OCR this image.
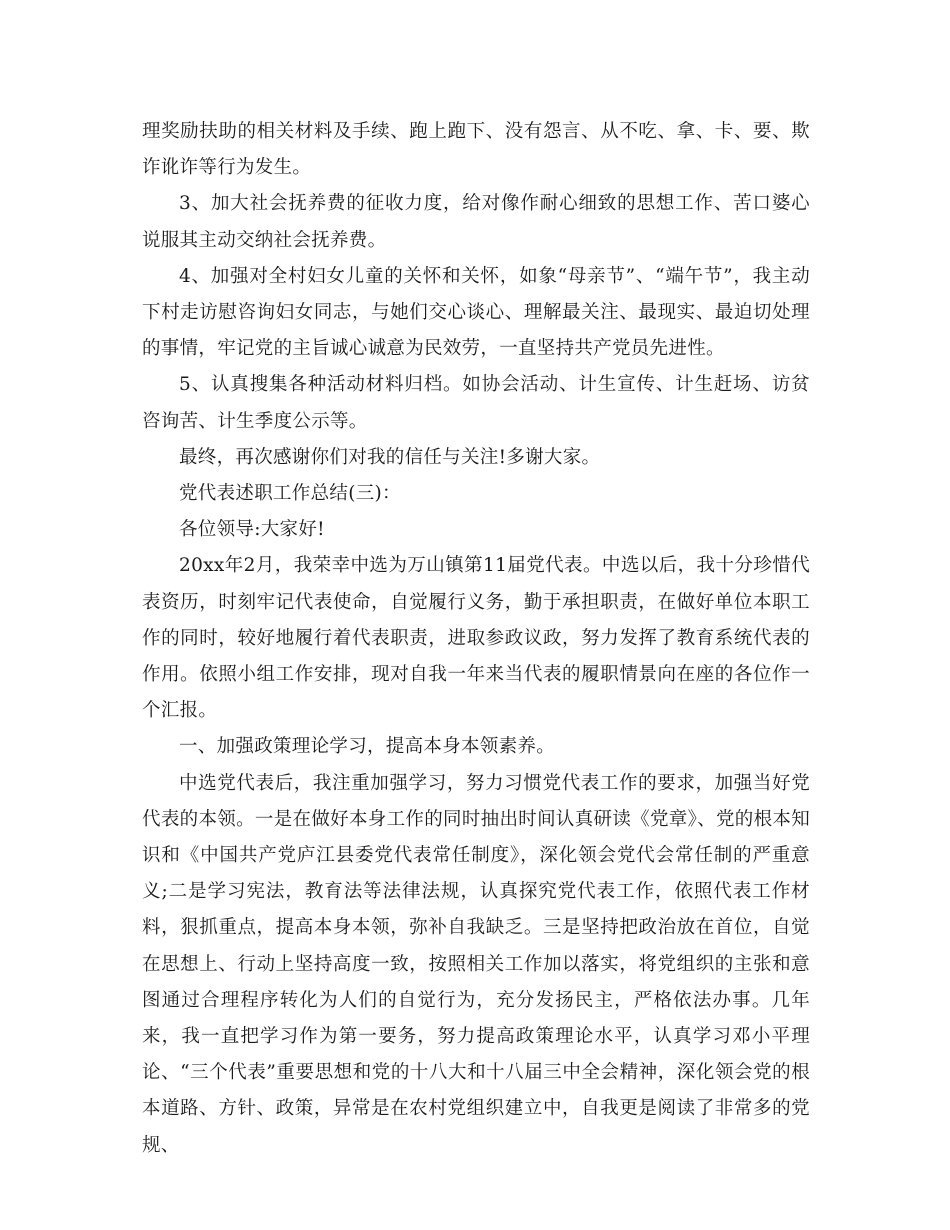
理奖励扶助的相关材料及手续、跑上跑下、没有怨言、从不吃、拿、卡、要、欺诈讹诈等行为发生。

3、加大社会抚养费的征收力度，给对像作耐心细致的思想工作、苦口婆心说服其主动交纳社会抚养费。

4、加强对全村妇女儿童的关怀和关怀，如象“母亲节”、“端午节”，我主动下村走访慰咨询妇女同志，与她们交心谈心、理解最关注、最现实、最迫切处理的事情，牢记党的主旨诚心诚意为民效劳，一直坚持共产党员先进性。

5、认真搜集各种活动材料归档。如协会活动、计生宣传、计生赶场、访贫咨询苦、计生季度公示等。

最终，再次感谢你们对我的信任与关注!多谢大家。

党代表述职工作总结(三)：

各位领导:大家好!

20xx年2月，我荣幸中选为万山镇第11届党代表。中选以后，我十分珍惜代表资历，时刻牢记代表使命，自觉履行义务，勤于承担职责，在做好单位本职工作的同时，较好地履行着代表职责，进取参政议政，努力发挥了教育系统代表的作用。依照小组工作安排，现对自我一年来当代表的履职情景向在座的各位作一个汇报。

一、加强政策理论学习，提高本身本领素养。

中选党代表后，我注重加强学习，努力习惯党代表工作的要求，加强当好党代表的本领。一是在做好本身工作的同时抽出时间认真研读《党章》、党的根本知识和《中国共产党庐江县委党代表常任制度》，深化领会党代会常任制的严重意义;二是学习宪法，教育法等法律法规，认真探究党代表工作，依照代表工作材料，狠抓重点，提高本身本领，弥补自我缺乏。三是坚持把政治放在首位，自觉在思想上、行动上坚持高度一致，按照相关工作加以落实，将党组织的主张和意图通过合理程序转化为人们的自觉行为，充分发扬民主，严格依法办事。几年来，我一直把学习作为第一要务，努力提高政策理论水平，认真学习邓小平理论、“三个代表”重要思想和党的十八大和十八届三中全会精神，深化领会党的根本道路、方针、政策，异常是在农村党组织建立中，自我更是阅读了非常多的党规、
